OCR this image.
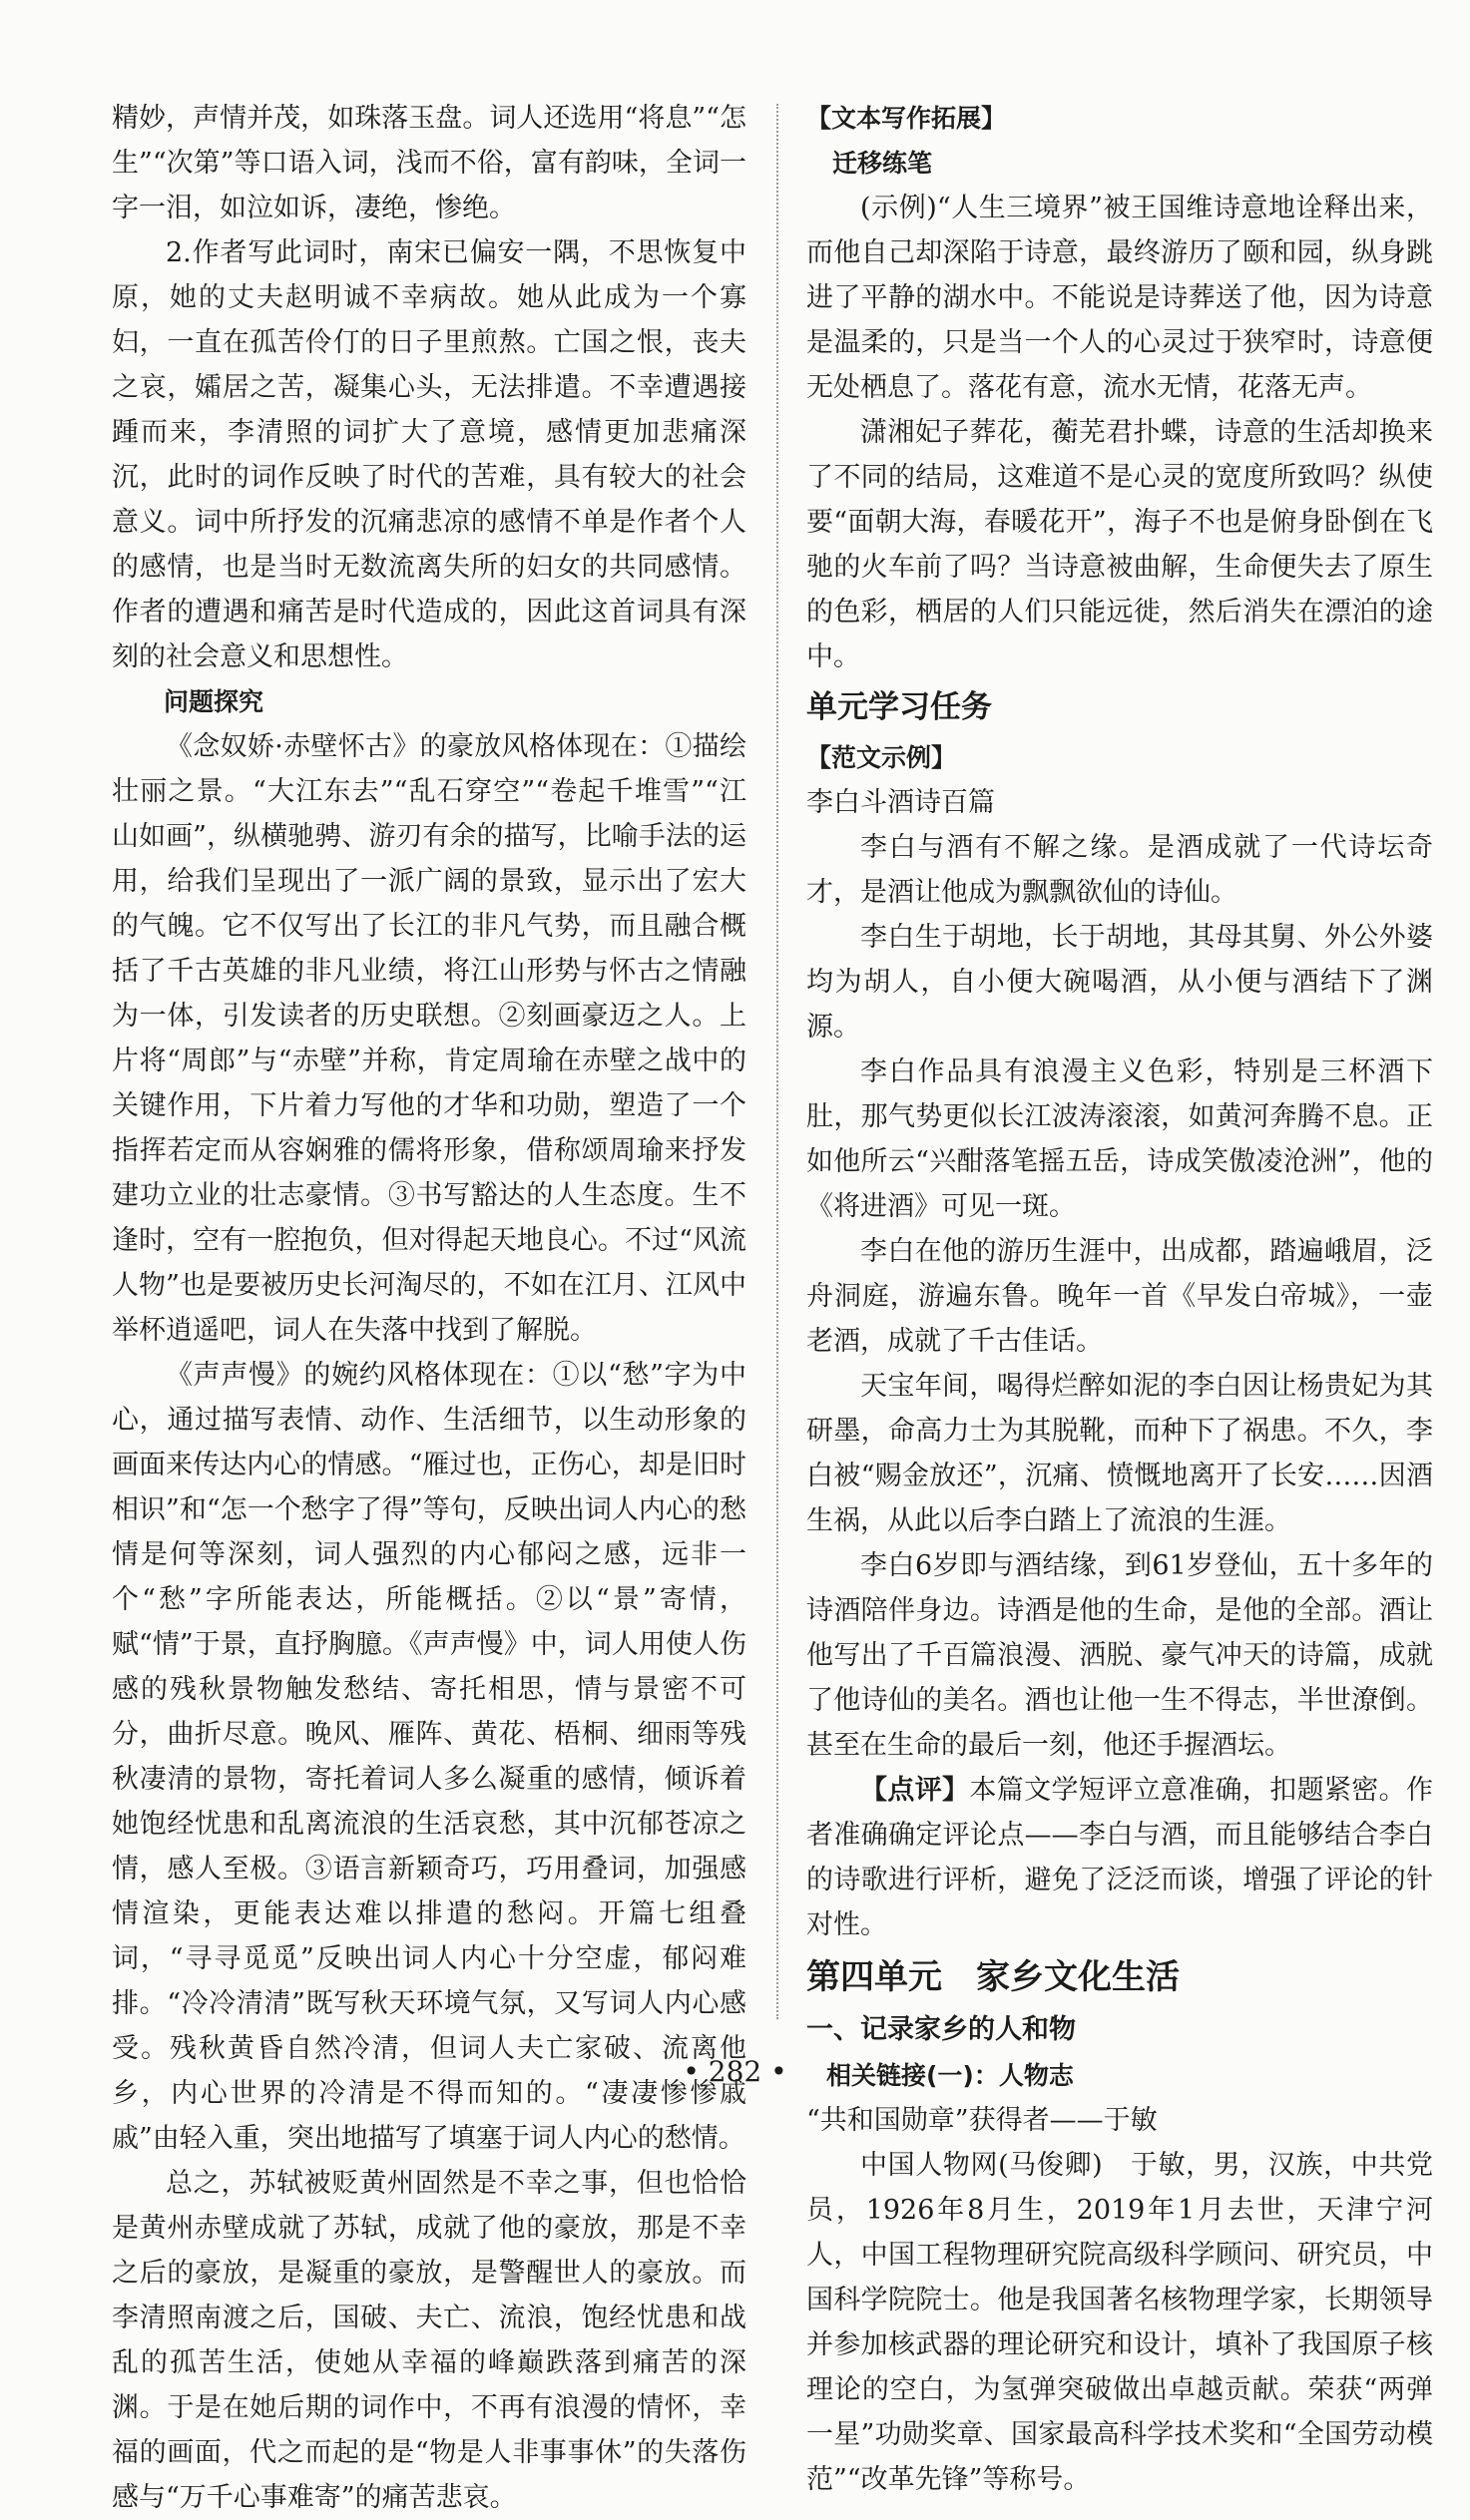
精妙，声情并茂，如珠落玉盘。词人还选用“将息”“怎生”“次第”等口语入词，浅而不俗，富有韵味，全词一字一泪，如泣如诉，凄绝，惨绝。

2.作者写此词时，南宋已偏安一隅，不思恢复中原，她的丈夫赵明诚不幸病故。她从此成为一个寡妇，一直在孤苦伶仃的日子里煎熬。亡国之恨，丧夫之哀，孀居之苦，凝集心头，无法排遣。不幸遭遇接踵而来，李清照的词扩大了意境，感情更加悲痛深沉，此时的词作反映了时代的苦难，具有较大的社会意义。词中所抒发的沉痛悲凉的感情不单是作者个人的感情，也是当时无数流离失所的妇女的共同感情。作者的遭遇和痛苦是时代造成的，因此这首词具有深刻的社会意义和思想性。

问题探究

《念奴娇·赤壁怀古》的豪放风格体现在：①描绘壮丽之景。“大江东去”“乱石穿空”“卷起千堆雪”“江山如画”，纵横驰骋、游刃有余的描写，比喻手法的运用，给我们呈现出了一派广阔的景致，显示出了宏大的气魄。它不仅写出了长江的非凡气势，而且融合概括了千古英雄的非凡业绩，将江山形势与怀古之情融为一体，引发读者的历史联想。②刻画豪迈之人。上片将“周郎”与“赤壁”并称，肯定周瑜在赤壁之战中的关键作用，下片着力写他的才华和功勋，塑造了一个指挥若定而从容娴雅的儒将形象，借称颂周瑜来抒发建功立业的壮志豪情。③书写豁达的人生态度。生不逢时，空有一腔抱负，但对得起天地良心。不过“风流人物”也是要被历史长河淘尽的，不如在江月、江风中举杯逍遥吧，词人在失落中找到了解脱。

《声声慢》的婉约风格体现在：①以“愁”字为中心，通过描写表情、动作、生活细节，以生动形象的画面来传达内心的情感。“雁过也，正伤心，却是旧时相识”和“怎一个愁字了得”等句，反映出词人内心的愁情是何等深刻，词人强烈的内心郁闷之感，远非一个“愁”字所能表达，所能概括。②以“景”寄情，赋“情”于景，直抒胸臆。《声声慢》中，词人用使人伤感的残秋景物触发愁结、寄托相思，情与景密不可分，曲折尽意。晚风、雁阵、黄花、梧桐、细雨等残秋凄清的景物，寄托着词人多么凝重的感情，倾诉着她饱经忧患和乱离流浪的生活哀愁，其中沉郁苍凉之情，感人至极。③语言新颖奇巧，巧用叠词，加强感情渲染，更能表达难以排遣的愁闷。开篇七组叠词，“寻寻觅觅”反映出词人内心十分空虚，郁闷难排。“冷冷清清”既写秋天环境气氛，又写词人内心感受。残秋黄昏自然冷清，但词人夫亡家破、流离他乡，内心世界的冷清是不得而知的。“凄凄惨惨戚戚”由轻入重，突出地描写了填塞于词人内心的愁情。

总之，苏轼被贬黄州固然是不幸之事，但也恰恰是黄州赤壁成就了苏轼，成就了他的豪放，那是不幸之后的豪放，是凝重的豪放，是警醒世人的豪放。而李清照南渡之后，国破、夫亡、流浪，饱经忧患和战乱的孤苦生活，使她从幸福的峰巅跌落到痛苦的深渊。于是在她后期的词作中，不再有浪漫的情怀，幸福的画面，代之而起的是“物是人非事事休”的失落伤感与“万千心事难寄”的痛苦悲哀。

【文本写作拓展】

迁移练笔

(示例)“人生三境界”被王国维诗意地诠释出来，而他自己却深陷于诗意，最终游历了颐和园，纵身跳进了平静的湖水中。不能说是诗葬送了他，因为诗意是温柔的，只是当一个人的心灵过于狭窄时，诗意便无处栖息了。落花有意，流水无情，花落无声。

潇湘妃子葬花，蘅芜君扑蝶，诗意的生活却换来了不同的结局，这难道不是心灵的宽度所致吗？纵使要“面朝大海，春暖花开”，海子不也是俯身卧倒在飞驰的火车前了吗？当诗意被曲解，生命便失去了原生的色彩，栖居的人们只能远徙，然后消失在漂泊的途中。

单元学习任务

【范文示例】

李白斗酒诗百篇

李白与酒有不解之缘。是酒成就了一代诗坛奇才，是酒让他成为飘飘欲仙的诗仙。

李白生于胡地，长于胡地，其母其舅、外公外婆均为胡人，自小便大碗喝酒，从小便与酒结下了渊源。

李白作品具有浪漫主义色彩，特别是三杯酒下肚，那气势更似长江波涛滚滚，如黄河奔腾不息。正如他所云“兴酣落笔摇五岳，诗成笑傲凌沧洲”，他的《将进酒》可见一斑。

李白在他的游历生涯中，出成都，踏遍峨眉，泛舟洞庭，游遍东鲁。晚年一首《早发白帝城》，一壶老酒，成就了千古佳话。

天宝年间，喝得烂醉如泥的李白因让杨贵妃为其研墨，命高力士为其脱靴，而种下了祸患。不久，李白被“赐金放还”，沉痛、愤慨地离开了长安……因酒生祸，从此以后李白踏上了流浪的生涯。

李白6岁即与酒结缘，到61岁登仙，五十多年的诗酒陪伴身边。诗酒是他的生命，是他的全部。酒让他写出了千百篇浪漫、洒脱、豪气冲天的诗篇，成就了他诗仙的美名。酒也让他一生不得志，半世潦倒。甚至在生命的最后一刻，他还手握酒坛。

【点评】本篇文学短评立意准确，扣题紧密。作者准确确定评论点——李白与酒，而且能够结合李白的诗歌进行评析，避免了泛泛而谈，增强了评论的针对性。

第四单元　家乡文化生活

一、记录家乡的人和物

相关链接(一)：人物志

“共和国勋章”获得者——于敏

中国人物网(马俊卿)　于敏，男，汉族，中共党员，1926年8月生，2019年1月去世，天津宁河人，中国工程物理研究院高级科学顾问、研究员，中国科学院院士。他是我国著名核物理学家，长期领导并参加核武器的理论研究和设计，填补了我国原子核理论的空白，为氢弹突破做出卓越贡献。荣获“两弹一星”功勋奖章、国家最高科学技术奖和“全国劳动模范”“改革先锋”等称号。

• 282 •
